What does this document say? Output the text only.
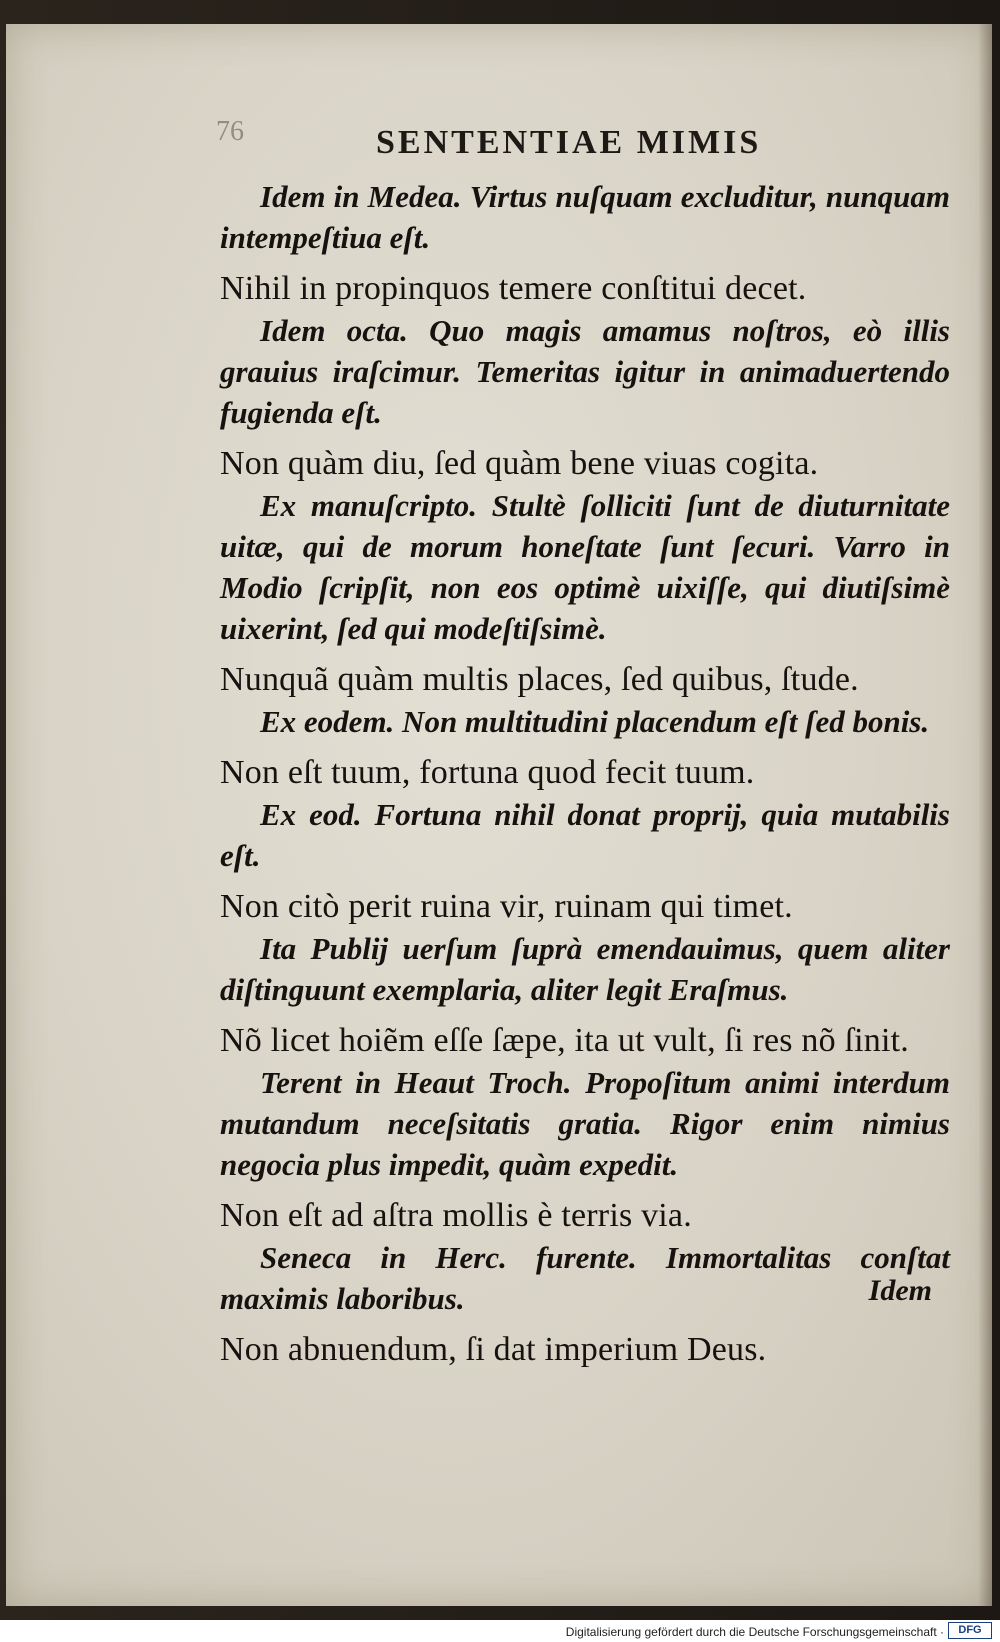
76	SENTENTIAE MIMIS

Idem in Medea. Virtus nuſquam excluditur, nunquam intempeſtiua eſt.

Nihil in propinquos temere conſtitui decet.

Idem octa. Quo magis amamus noſtros, eò illis grauius iraſcimur. Temeritas igitur in animaduertendo fugienda eſt.

Non quàm diu, ſed quàm bene viuas cogita.

Ex manuſcripto. Stultè ſolliciti ſunt de diuturnitate uitæ, qui de morum honeſtate ſunt ſecuri. Varro in Modio ſcripſit, non eos optimè uixiſſe, qui diutiſsimè uixerint, ſed qui modeſtiſsimè.

Nunquã quàm multis places, ſed quibus, ſtude.

Ex eodem. Non multitudini placendum eſt ſed bonis.

Non eſt tuum, fortuna quod fecit tuum.

Ex eod. Fortuna nihil donat proprij, quia mutabilis eſt.

Non citò perit ruina vir, ruinam qui timet.

Ita Publij uerſum ſuprà emendauimus, quem aliter diſtinguunt exemplaria, aliter legit Eraſmus.

Nõ licet hoiẽm eſſe ſæpe, ita ut vult, ſi res nõ ſinit.

Terent in Heaut Troch. Propoſitum animi interdum mutandum neceſsitatis gratia. Rigor enim nimius negocia plus impedit, quàm expedit.

Non eſt ad aſtra mollis è terris via.

Seneca in Herc. furente. Immortalitas conſtat maximis laboribus.

Non abnuendum, ſi dat imperium Deus.

Idem
Digitalisierung gefördert durch die Deutsche Forschungsgemeinschaft ·	DFG
